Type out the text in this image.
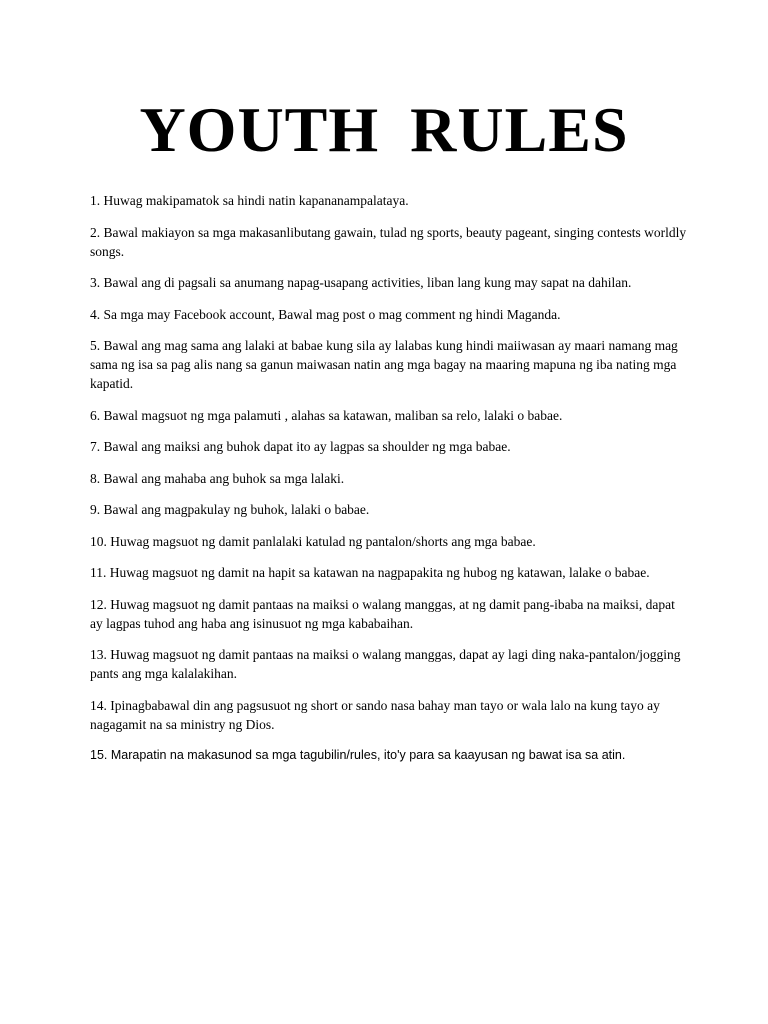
YOUTH RULES
1. Huwag makipamatok sa hindi natin kapananampalataya.
2. Bawal makiayon sa mga makasanlibutang gawain, tulad ng sports, beauty pageant, singing contests worldly songs.
3. Bawal ang di pagsali sa anumang napag-usapang activities, liban lang kung may sapat na dahilan.
4. Sa mga may Facebook account, Bawal mag post o mag comment ng hindi Maganda.
5. Bawal ang mag sama ang lalaki at babae kung sila ay lalabas kung hindi maiiwasan ay maari namang mag sama ng isa sa pag alis nang sa ganun maiwasan natin ang mga bagay na maaring mapuna ng iba nating mga kapatid.
6. Bawal magsuot ng mga palamuti , alahas sa katawan, maliban sa relo, lalaki o babae.
7. Bawal ang maiksi ang buhok dapat ito ay lagpas sa shoulder ng mga babae.
8. Bawal ang mahaba ang buhok sa mga lalaki.
9. Bawal ang magpakulay ng buhok, lalaki o babae.
10. Huwag magsuot ng damit panlalaki katulad ng pantalon/shorts ang mga babae.
11. Huwag magsuot ng damit na hapit sa katawan na nagpapakita ng hubog ng katawan, lalake o babae.
12. Huwag magsuot ng damit pantaas na maiksi o walang manggas, at ng damit pang-ibaba na maiksi, dapat ay lagpas tuhod ang haba ang isinusuot ng mga kababaihan.
13. Huwag magsuot ng damit pantaas na maiksi o walang manggas, dapat ay lagi ding naka-pantalon/jogging pants ang mga kalalakihan.
14. Ipinagbabawal din ang pagsusuot ng short or sando nasa bahay man tayo or wala lalo na kung tayo ay nagagamit na sa ministry ng Dios.
15. Marapatin na makasunod sa mga tagubilin/rules, ito'y para sa kaayusan ng bawat isa sa atin.
